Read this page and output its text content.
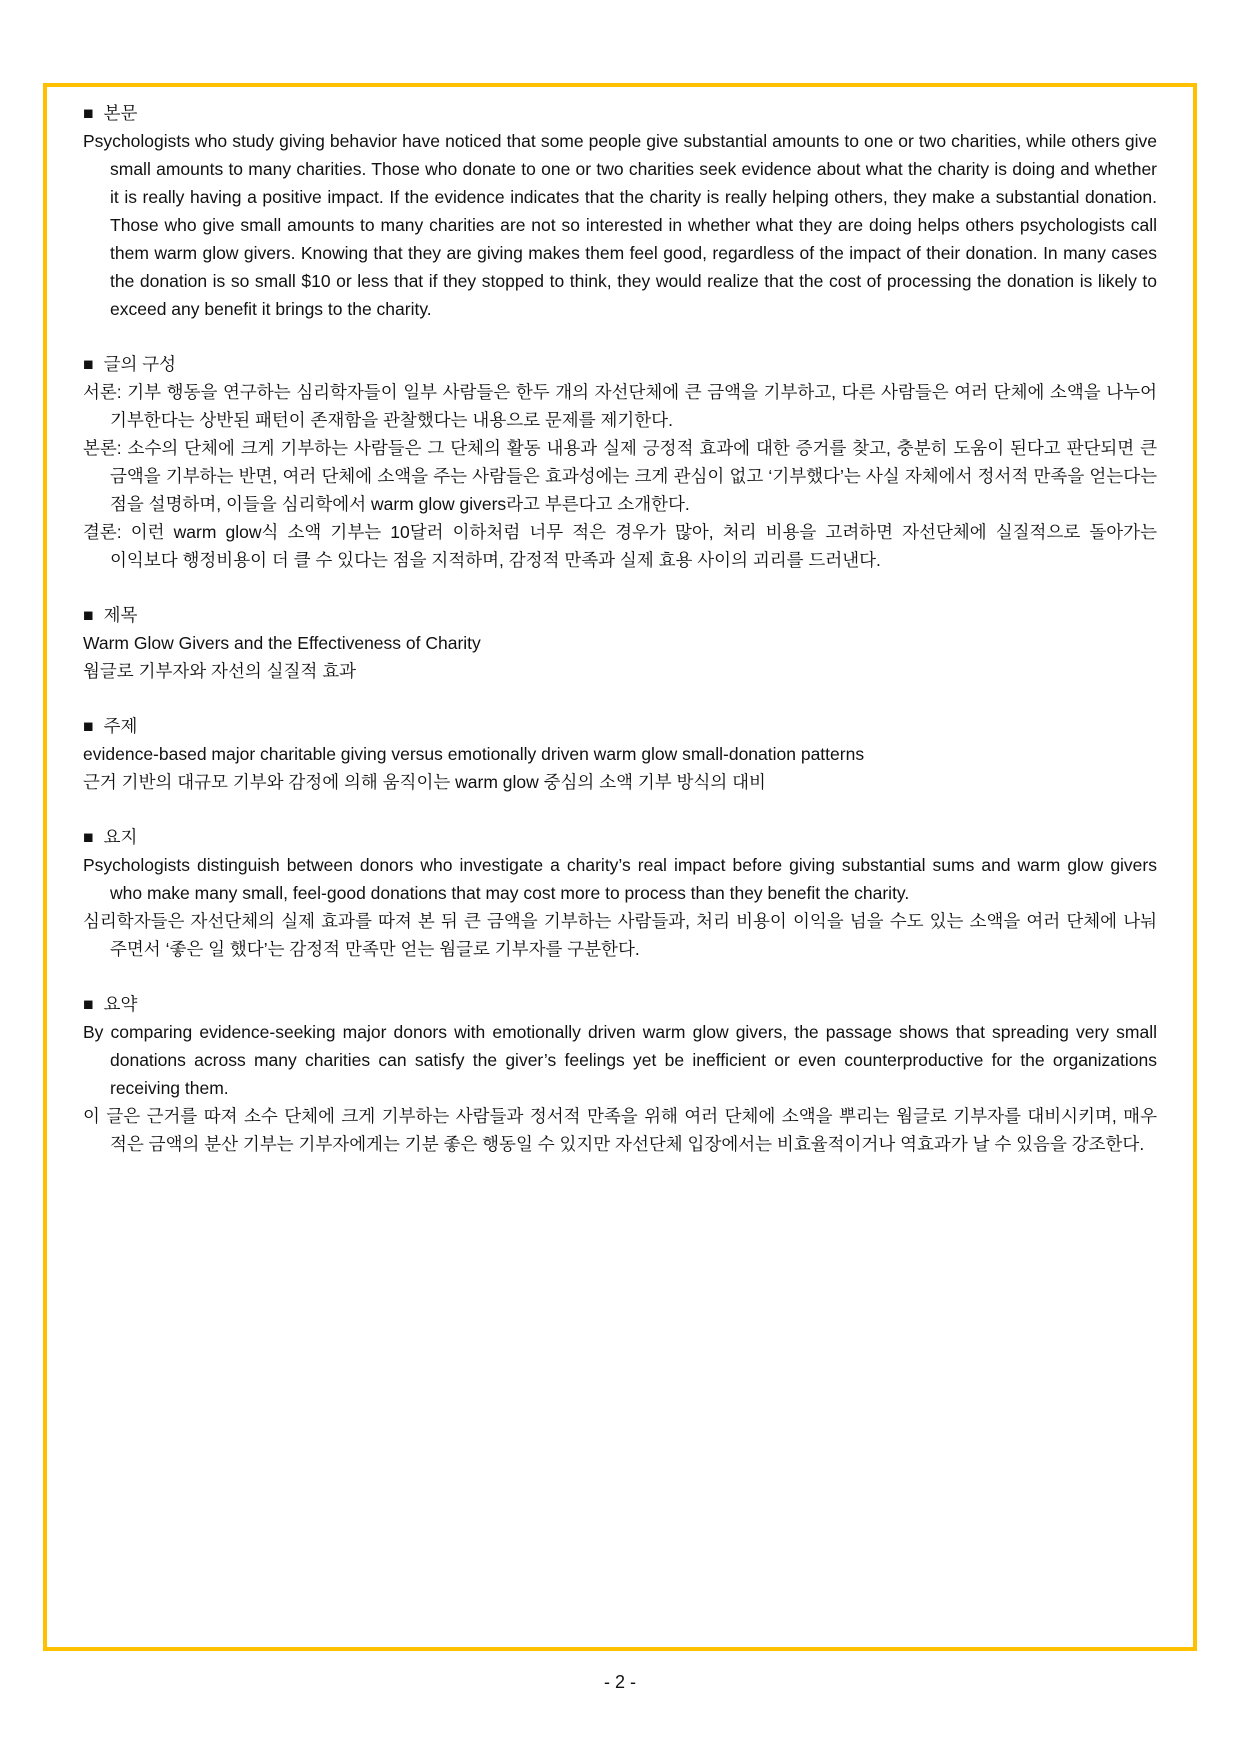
■ 본문

Psychologists who study giving behavior have noticed that some people give substantial amounts to one or two charities, while others give small amounts to many charities. Those who donate to one or two charities seek evidence about what the charity is doing and whether it is really having a positive impact. If the evidence indicates that the charity is really helping others, they make a substantial donation. Those who give small amounts to many charities are not so interested in whether what they are doing helps others psychologists call them warm glow givers. Knowing that they are giving makes them feel good, regardless of the impact of their donation. In many cases the donation is so small $10 or less that if they stopped to think, they would realize that the cost of processing the donation is likely to exceed any benefit it brings to the charity.

■ 글의 구성

서론: 기부 행동을 연구하는 심리학자들이 일부 사람들은 한두 개의 자선단체에 큰 금액을 기부하고, 다른 사람들은 여러 단체에 소액을 나누어 기부한다는 상반된 패턴이 존재함을 관찰했다는 내용으로 문제를 제기한다.

본론: 소수의 단체에 크게 기부하는 사람들은 그 단체의 활동 내용과 실제 긍정적 효과에 대한 증거를 찾고, 충분히 도움이 된다고 판단되면 큰 금액을 기부하는 반면, 여러 단체에 소액을 주는 사람들은 효과성에는 크게 관심이 없고 ‘기부했다’는 사실 자체에서 정서적 만족을 얻는다는 점을 설명하며, 이들을 심리학에서 warm glow givers라고 부른다고 소개한다.

결론: 이런 warm glow식 소액 기부는 10달러 이하처럼 너무 적은 경우가 많아, 처리 비용을 고려하면 자선단체에 실질적으로 돌아가는 이익보다 행정비용이 더 클 수 있다는 점을 지적하며, 감정적 만족과 실제 효용 사이의 괴리를 드러낸다.

■ 제목

Warm Glow Givers and the Effectiveness of Charity

웜글로 기부자와 자선의 실질적 효과

■ 주제

evidence-based major charitable giving versus emotionally driven warm glow small-donation patterns

근거 기반의 대규모 기부와 감정에 의해 움직이는 warm glow 중심의 소액 기부 방식의 대비

■ 요지

Psychologists distinguish between donors who investigate a charity’s real impact before giving substantial sums and warm glow givers who make many small, feel-good donations that may cost more to process than they benefit the charity.

심리학자들은 자선단체의 실제 효과를 따져 본 뒤 큰 금액을 기부하는 사람들과, 처리 비용이 이익을 넘을 수도 있는 소액을 여러 단체에 나눠 주면서 ‘좋은 일 했다’는 감정적 만족만 얻는 웜글로 기부자를 구분한다.

■ 요약

By comparing evidence-seeking major donors with emotionally driven warm glow givers, the passage shows that spreading very small donations across many charities can satisfy the giver’s feelings yet be inefficient or even counterproductive for the organizations receiving them.

이 글은 근거를 따져 소수 단체에 크게 기부하는 사람들과 정서적 만족을 위해 여러 단체에 소액을 뿌리는 웜글로 기부자를 대비시키며, 매우 적은 금액의 분산 기부는 기부자에게는 기분 좋은 행동일 수 있지만 자선단체 입장에서는 비효율적이거나 역효과가 날 수 있음을 강조한다.

- 2 -
